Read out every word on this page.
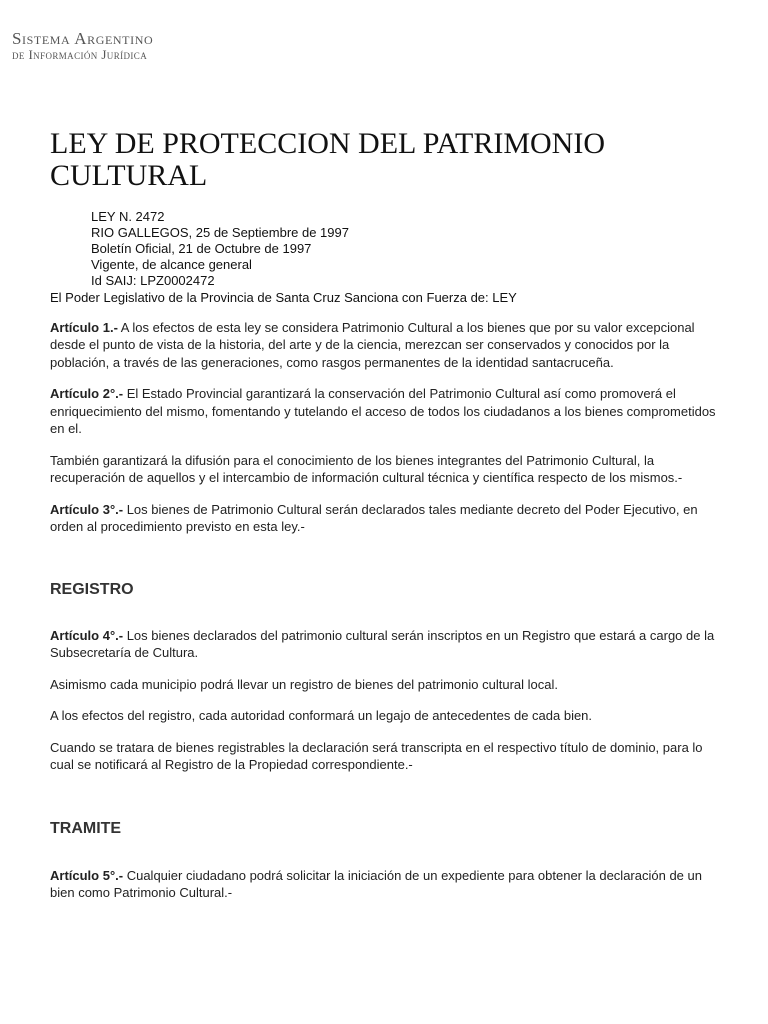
Sistema Argentino
de Información Jurídica
LEY DE PROTECCION DEL PATRIMONIO CULTURAL
LEY N. 2472
RIO GALLEGOS, 25 de Septiembre de 1997
Boletín Oficial, 21 de Octubre de 1997
Vigente, de alcance general
Id SAIJ: LPZ0002472

El Poder Legislativo de la Provincia de Santa Cruz Sanciona con Fuerza de: LEY

Artículo 1.- A los efectos de esta ley se considera Patrimonio Cultural a los bienes que por su valor excepcional desde el punto de vista de la historia, del arte y de la ciencia, merezcan ser conservados y conocidos por la población, a través de las generaciones, como rasgos permanentes de la identidad santacruceña.

Artículo 2°.- El Estado Provincial garantizará la conservación del Patrimonio Cultural así como promoverá el enriquecimiento del mismo, fomentando y tutelando el acceso de todos los ciudadanos a los bienes comprometidos en el.

También garantizará la difusión para el conocimiento de los bienes integrantes del Patrimonio Cultural, la recuperación de aquellos y el intercambio de información cultural técnica y científica respecto de los mismos.-

Artículo 3°.- Los bienes de Patrimonio Cultural serán declarados tales mediante decreto del Poder Ejecutivo, en orden al procedimiento previsto en esta ley.-

REGISTRO

Artículo 4°.- Los bienes declarados del patrimonio cultural serán inscriptos en un Registro que estará a cargo de la Subsecretaría de Cultura.

Asimismo cada municipio podrá llevar un registro de bienes del patrimonio cultural local.

A los efectos del registro, cada autoridad conformará un legajo de antecedentes de cada bien.

Cuando se tratara de bienes registrables la declaración será transcripta en el respectivo título de dominio, para lo cual se notificará al Registro de la Propiedad correspondiente.-

TRAMITE

Artículo 5°.- Cualquier ciudadano podrá solicitar la iniciación de un expediente para obtener la declaración de un bien como Patrimonio Cultural.-
